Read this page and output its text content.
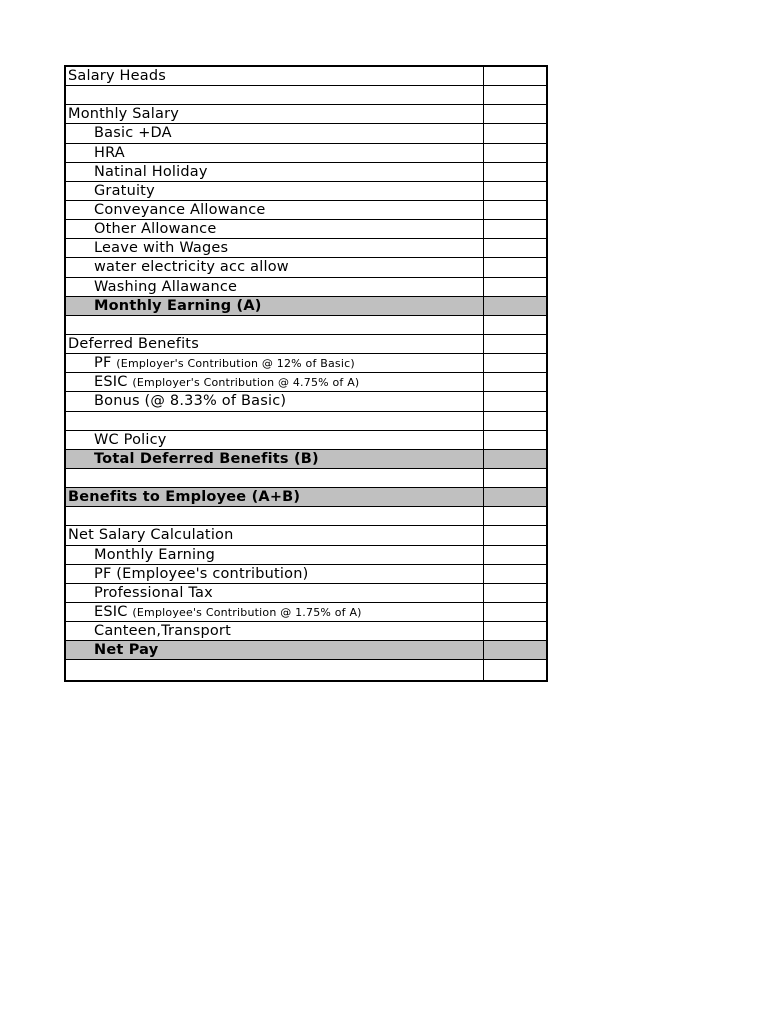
Salary Heads
Monthly Salary
Basic +DA
HRA
Natinal Holiday
Gratuity
Conveyance Allowance
Other Allowance
Leave with Wages
water electricity acc allow
Washing Allawance
Monthly Earning (A)
Deferred Benefits
PF (Employer's Contribution @ 12% of Basic)
ESIC (Employer's Contribution @ 4.75% of A)
Bonus (@ 8.33% of Basic)
WC Policy
Total Deferred Benefits (B)
Benefits to Employee (A+B)
Net Salary Calculation
Monthly Earning
PF (Employee's contribution)
Professional Tax
ESIC (Employee's Contribution @ 1.75% of A)
Canteen,Transport
Net Pay
